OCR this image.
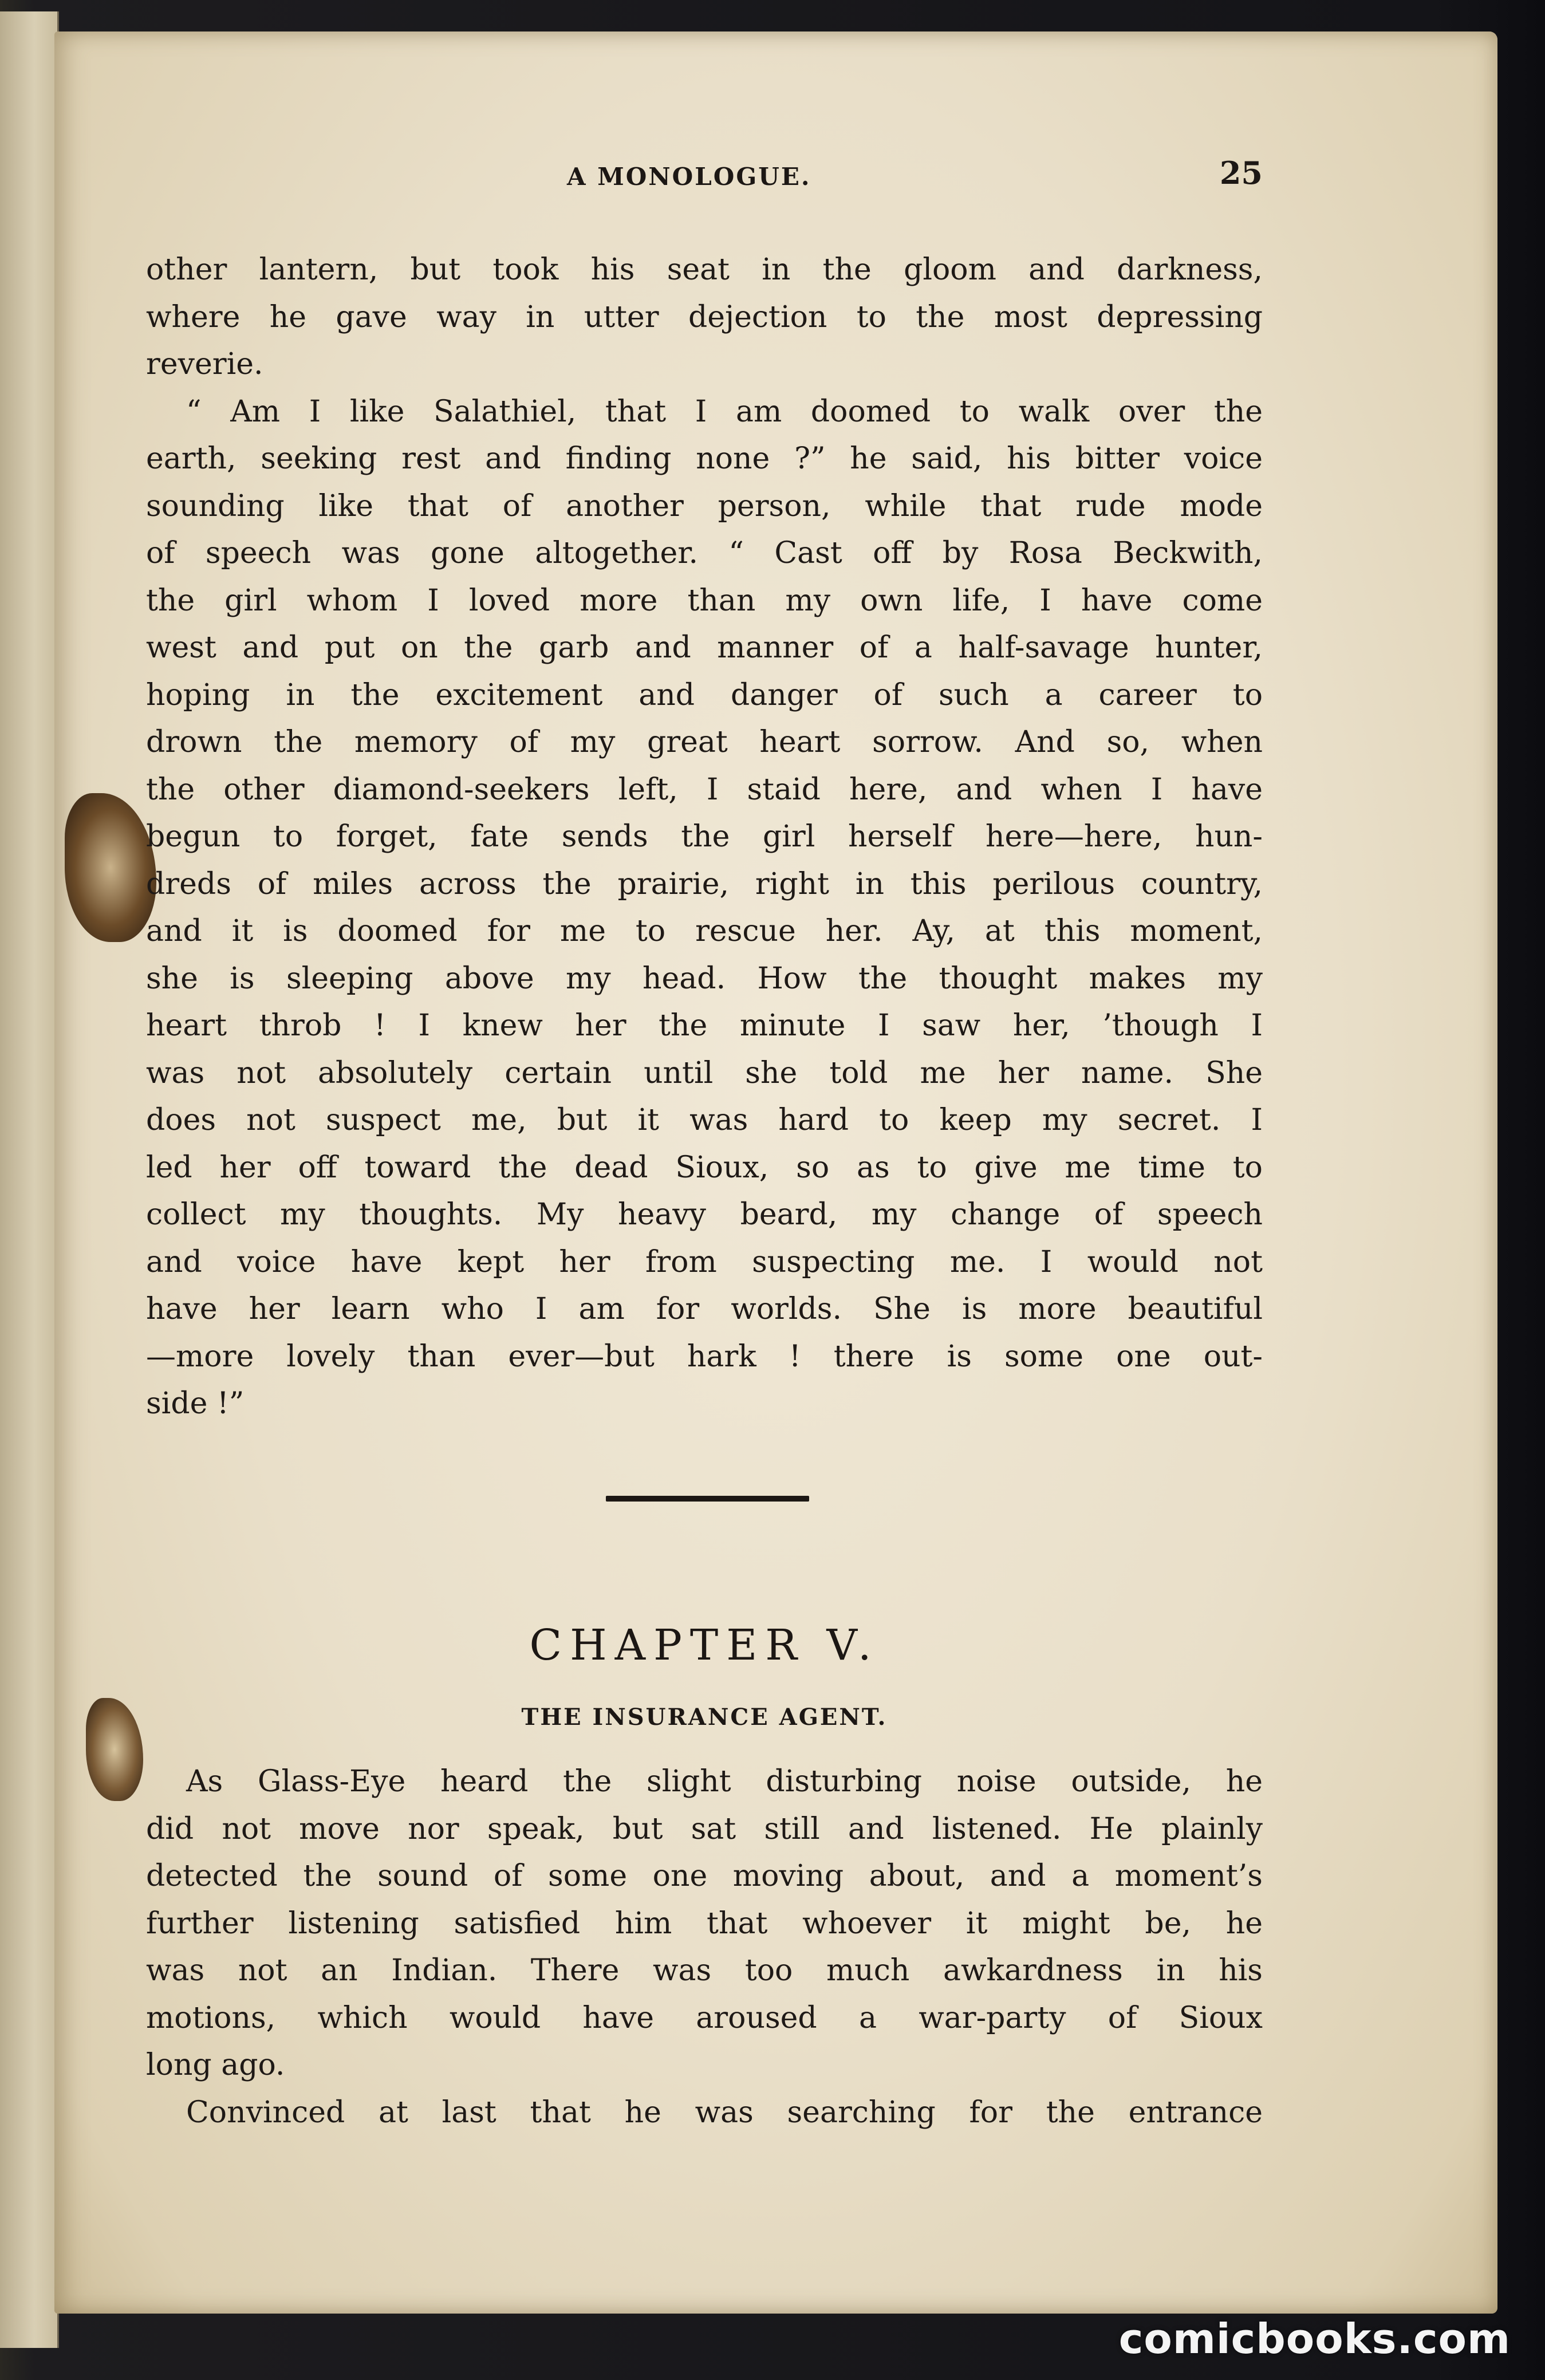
A MONOLOGUE.	25

other lantern, but took his seat in the gloom and darkness,
where he gave way in utter dejection to the most depressing
reverie.

“ Am I like Salathiel, that I am doomed to walk over the
earth, seeking rest and finding none ?” he said, his bitter voice
sounding like that of another person, while that rude mode
of speech was gone altogether. “ Cast off by Rosa Beckwith,
the girl whom I loved more than my own life, I have come
west and put on the garb and manner of a half-savage hunter,
hoping in the excitement and danger of such a career to
drown the memory of my great heart sorrow. And so, when
the other diamond-seekers left, I staid here, and when I have
begun to forget, fate sends the girl herself here—here, hun-
dreds of miles across the prairie, right in this perilous country,
and it is doomed for me to rescue her. Ay, at this moment,
she is sleeping above my head. How the thought makes my
heart throb ! I knew her the minute I saw her, ’though I
was not absolutely certain until she told me her name. She
does not suspect me, but it was hard to keep my secret. I
led her off toward the dead Sioux, so as to give me time to
collect my thoughts. My heavy beard, my change of speech
and voice have kept her from suspecting me. I would not
have her learn who I am for worlds. She is more beautiful
—more lovely than ever—but hark ! there is some one out-
side !”

CHAPTER V.
THE INSURANCE AGENT.

As Glass-Eye heard the slight disturbing noise outside, he
did not move nor speak, but sat still and listened. He plainly
detected the sound of some one moving about, and a moment’s
further listening satisfied him that whoever it might be, he
was not an Indian. There was too much awkardness in his
motions, which would have aroused a war-party of Sioux
long ago.

Convinced at last that he was searching for the entrance

comicbooks.com
